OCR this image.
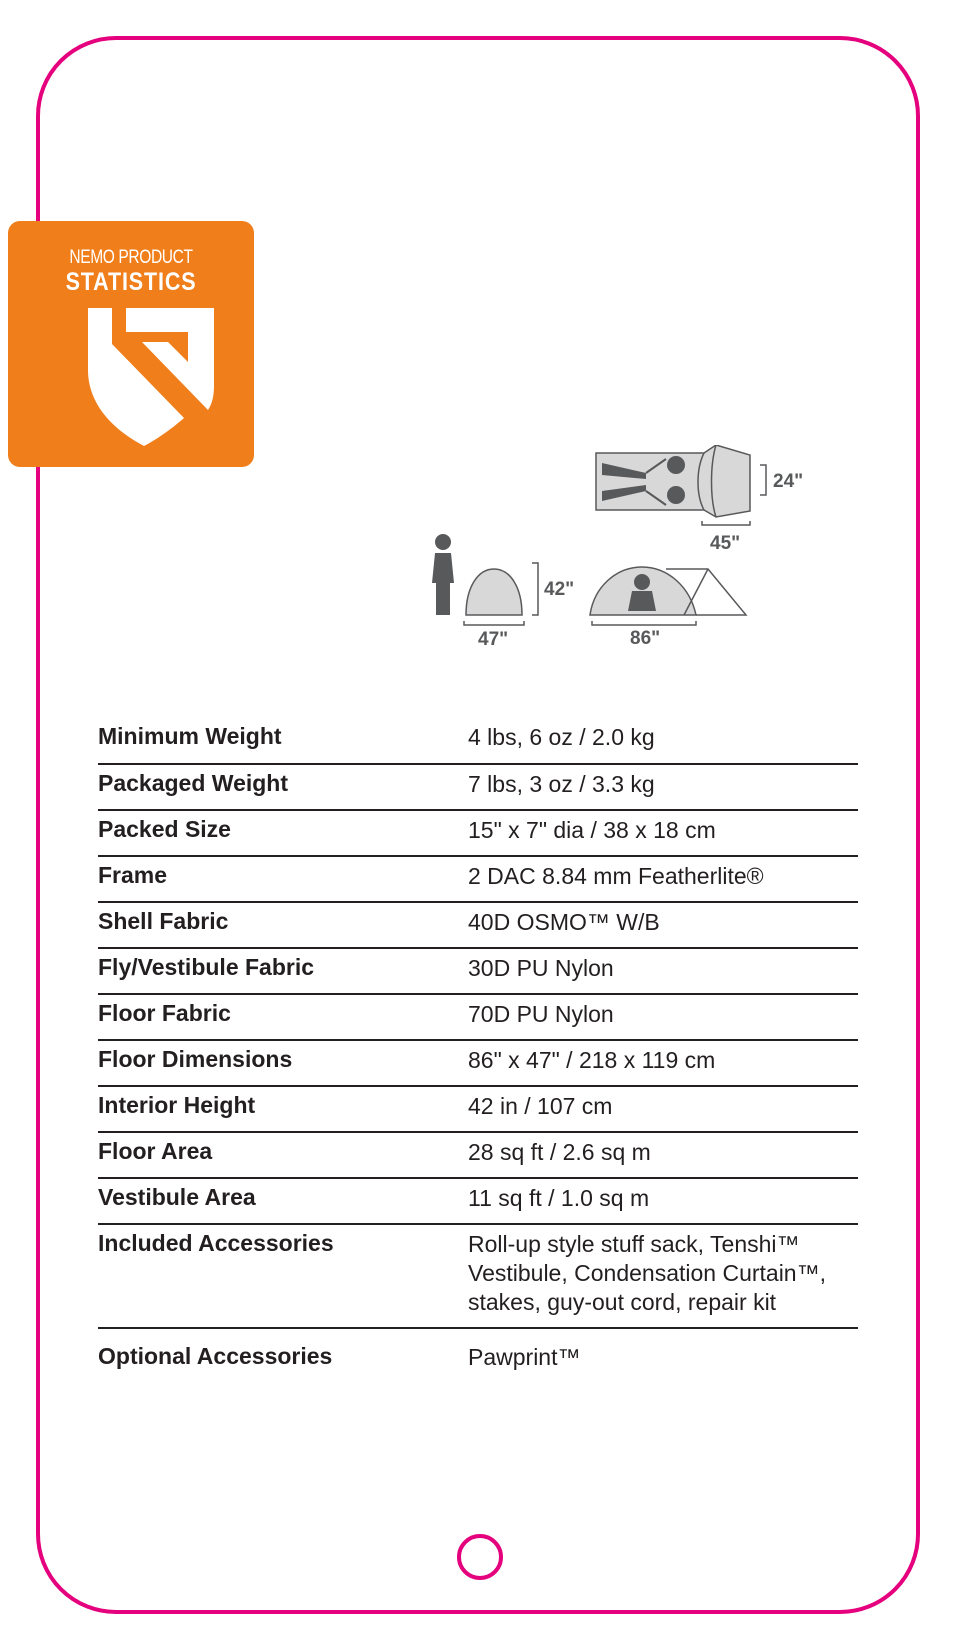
NEMO PRODUCT
STATISTICS
24"
45"
42"
47"	86"
Minimum Weight	4 lbs, 6 oz / 2.0 kg
Packaged Weight	7 lbs, 3 oz / 3.3 kg
Packed Size	15" x 7" dia / 38 x 18 cm
Frame	2 DAC 8.84 mm Featherlite®
Shell Fabric	40D OSMO™ W/B
Fly/Vestibule Fabric	30D PU Nylon
Floor Fabric	70D PU Nylon
Floor Dimensions	86" x 47" / 218 x 119 cm
Interior Height	42 in / 107 cm
Floor Area	28 sq ft / 2.6 sq m
Vestibule Area	11 sq ft / 1.0 sq m
Included Accessories	Roll-up style stuff sack, Tenshi™
Vestibule, Condensation Curtain™,
stakes, guy-out cord, repair kit
Optional Accessories	Pawprint™
